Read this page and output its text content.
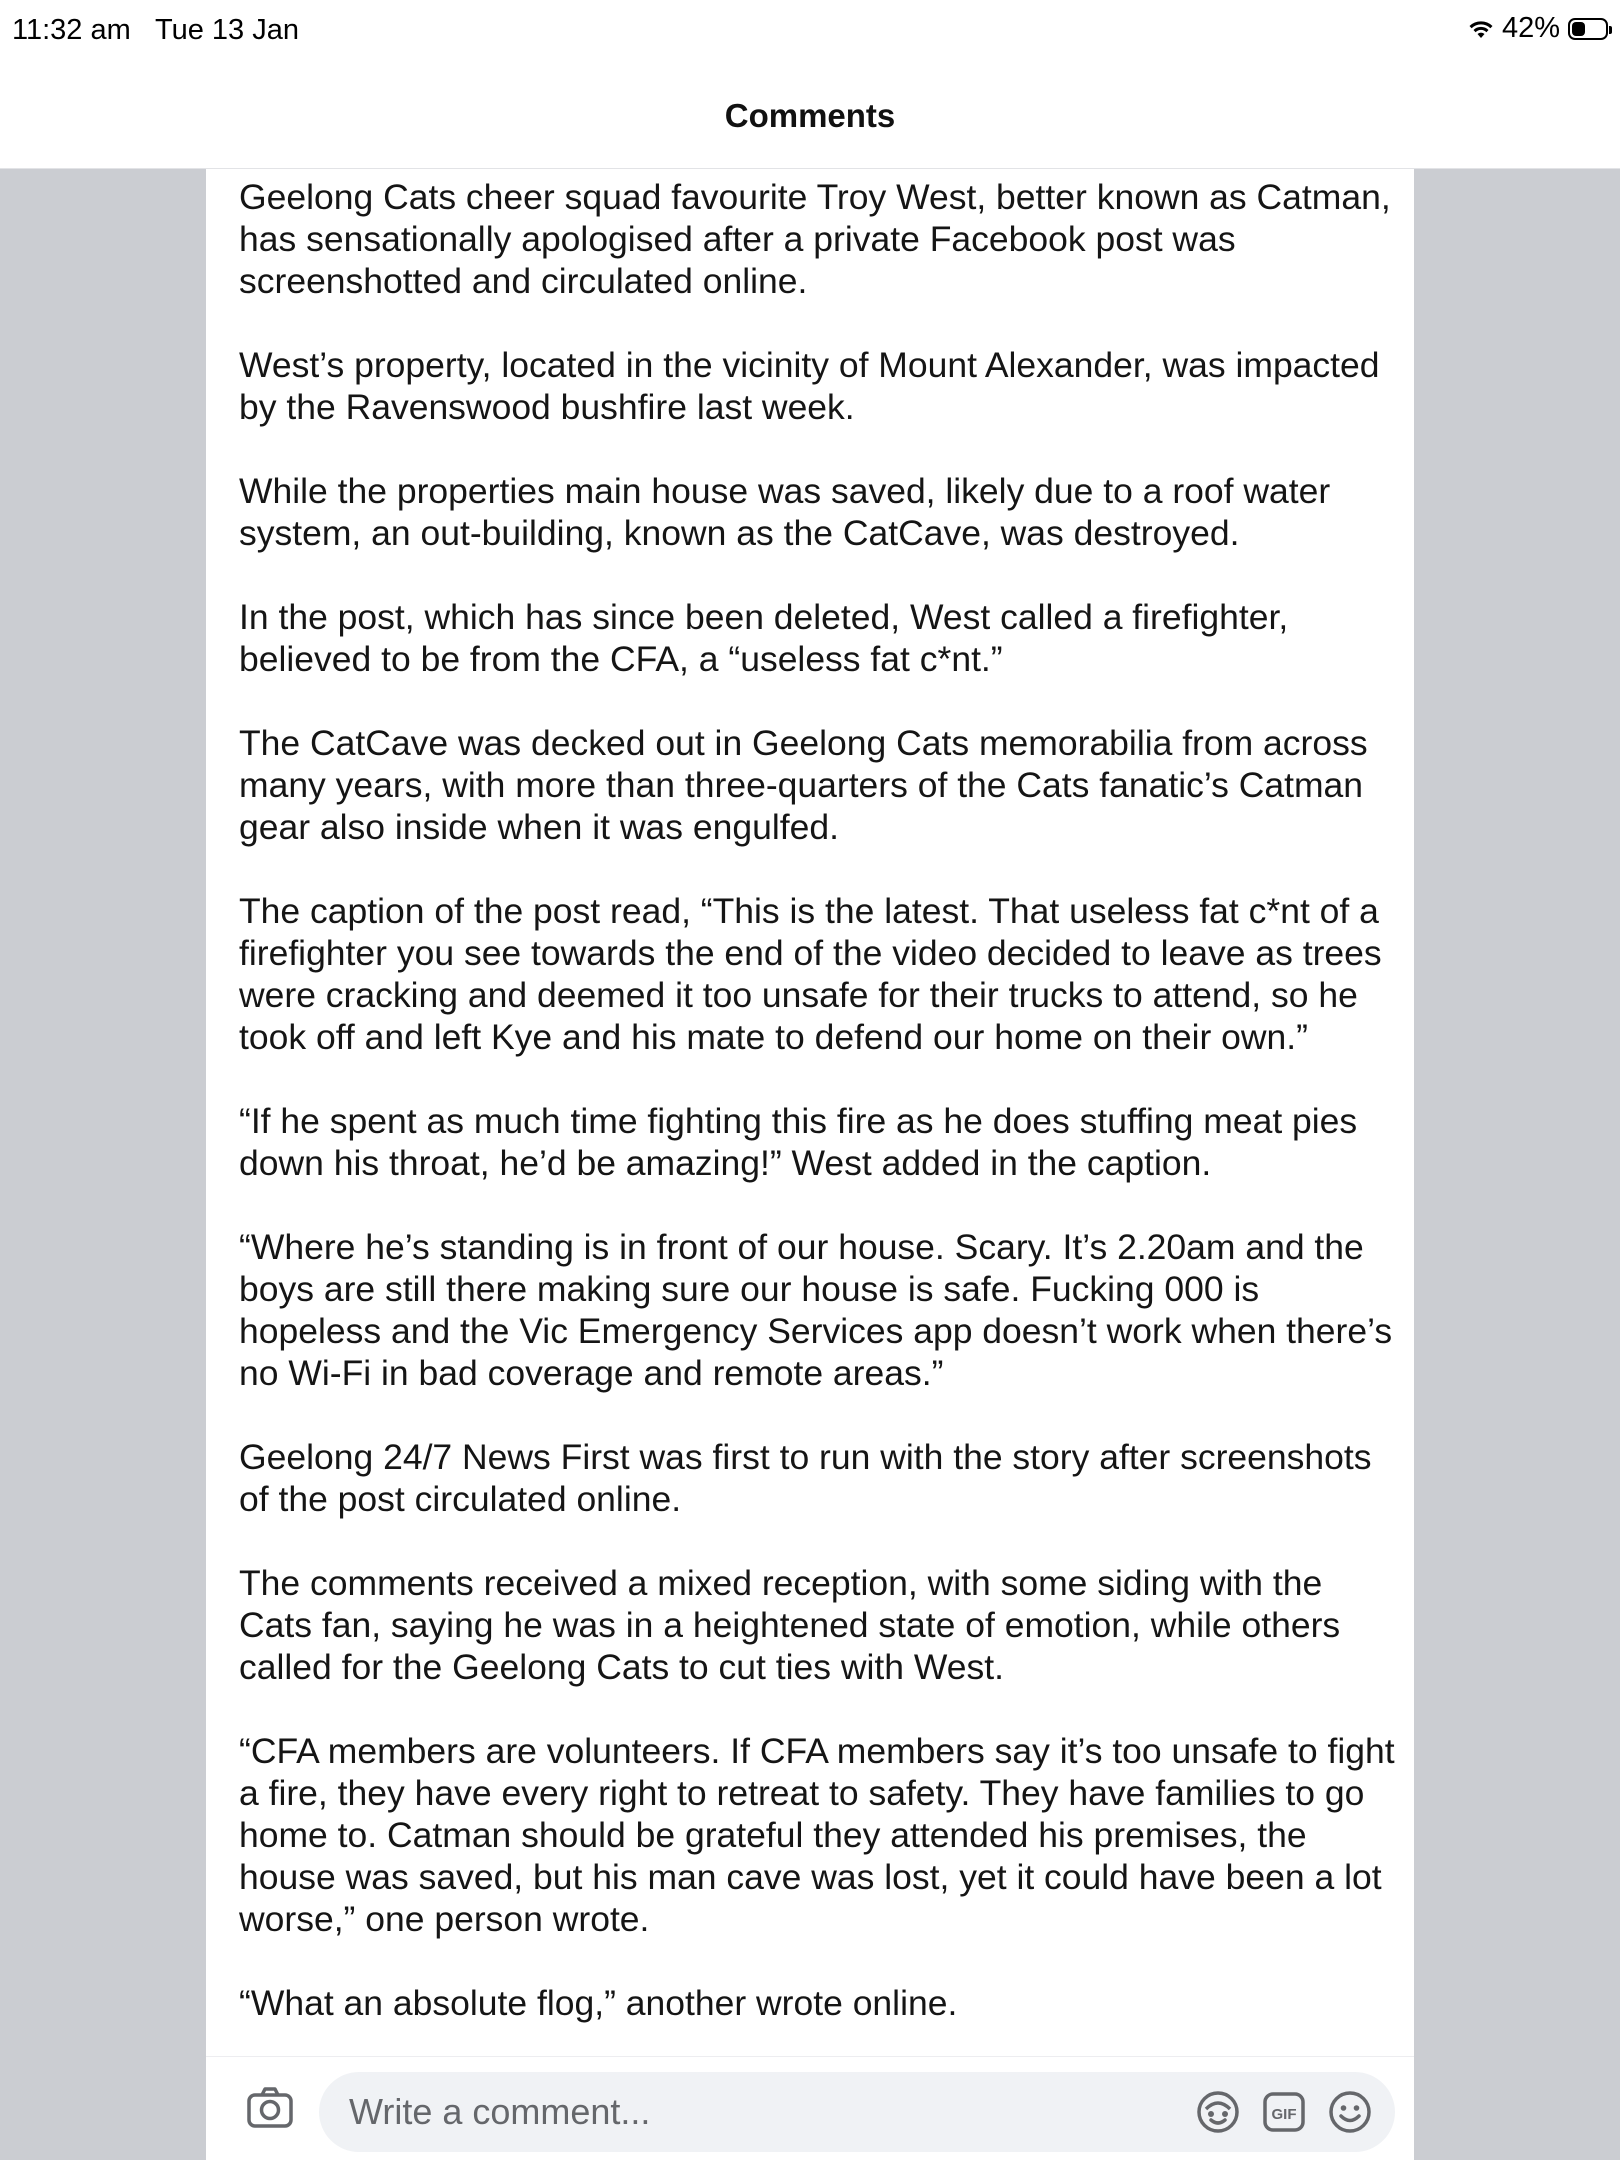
11:32 am Tue 13 Jan	42%
Comments

Geelong Cats cheer squad favourite Troy West, better known as Catman, has sensationally apologised after a private Facebook post was screenshotted and circulated online.

West’s property, located in the vicinity of Mount Alexander, was impacted by the Ravenswood bushfire last week.

While the properties main house was saved, likely due to a roof water system, an out-building, known as the CatCave, was destroyed.

In the post, which has since been deleted, West called a firefighter, believed to be from the CFA, a “useless fat c*nt.”

The CatCave was decked out in Geelong Cats memorabilia from across many years, with more than three-quarters of the Cats fanatic’s Catman gear also inside when it was engulfed.

The caption of the post read, “This is the latest. That useless fat c*nt of a firefighter you see towards the end of the video decided to leave as trees were cracking and deemed it too unsafe for their trucks to attend, so he took off and left Kye and his mate to defend our home on their own.”

“If he spent as much time fighting this fire as he does stuffing meat pies down his throat, he’d be amazing!” West added in the caption.

“Where he’s standing is in front of our house. Scary. It’s 2.20am and the boys are still there making sure our house is safe. Fucking 000 is hopeless and the Vic Emergency Services app doesn’t work when there’s no Wi-Fi in bad coverage and remote areas.”

Geelong 24/7 News First was first to run with the story after screenshots of the post circulated online.

The comments received a mixed reception, with some siding with the Cats fan, saying he was in a heightened state of emotion, while others called for the Geelong Cats to cut ties with West.

“CFA members are volunteers. If CFA members say it’s too unsafe to fight a fire, they have every right to retreat to safety. They have families to go home to. Catman should be grateful they attended his premises, the house was saved, but his man cave was lost, yet it could have been a lot worse,” one person wrote.

“What an absolute flog,” another wrote online.

Write a comment...
GIF
